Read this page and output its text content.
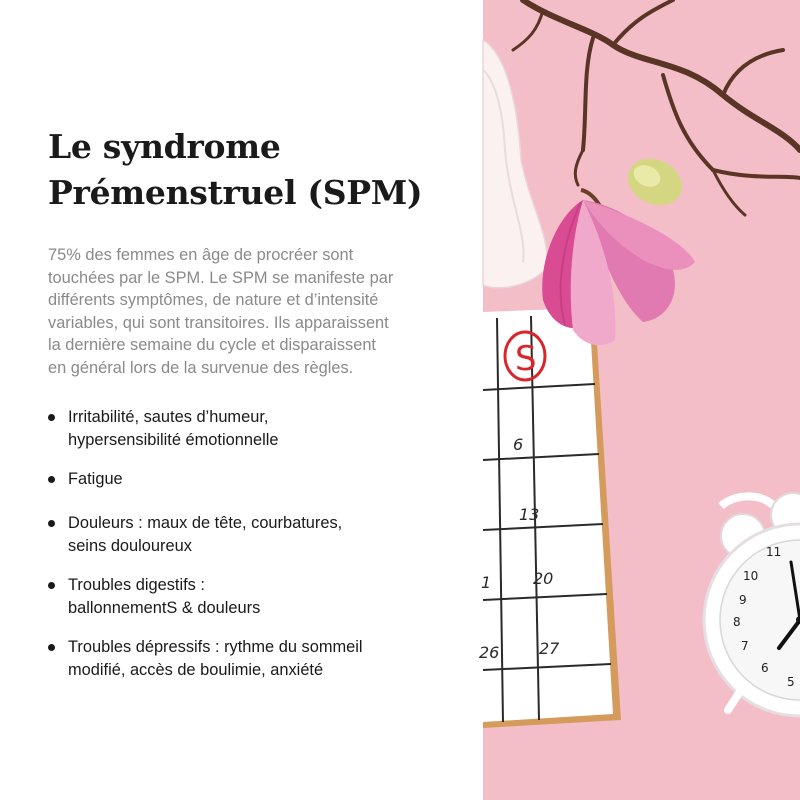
Le syndrome
Prémenstruel (SPM)

75% des femmes en âge de procréer sont
touchées par le SPM. Le SPM se manifeste par
différents symptômes, de nature et d’intensité
variables, qui sont transitoires. Ils apparaissent
la dernière semaine du cycle et disparaissent
en général lors de la survenue des règles.

Irritabilité, sautes d’humeur,
hypersensibilité émotionnelle
Fatigue
Douleurs : maux de tête, courbatures,
seins douloureux
Troubles digestifs :
ballonnementS & douleurs
Troubles dépressifs : rythme du sommeil
modifié, accès de boulimie, anxiété
S
6
13
20
27
1
26
8
10
11
9
7
6
5
